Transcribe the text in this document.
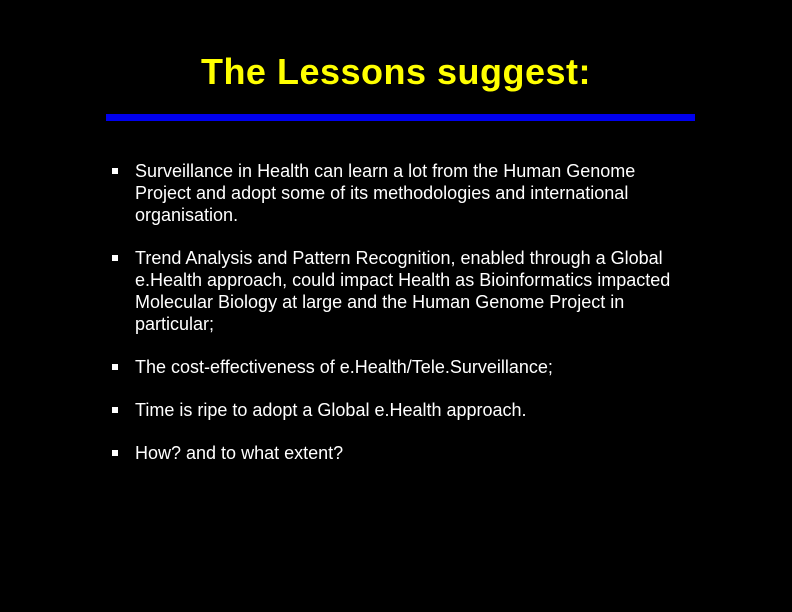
The Lessons suggest:
Surveillance in Health can learn a lot from the Human Genome Project and adopt some of its methodologies and international organisation.
Trend Analysis and Pattern Recognition, enabled through a Global e.Health approach, could impact Health as Bioinformatics impacted Molecular Biology at large and the Human Genome Project in particular;
The cost-effectiveness of e.Health/Tele.Surveillance;
Time is ripe to adopt a Global e.Health approach.
How? and to what extent?
